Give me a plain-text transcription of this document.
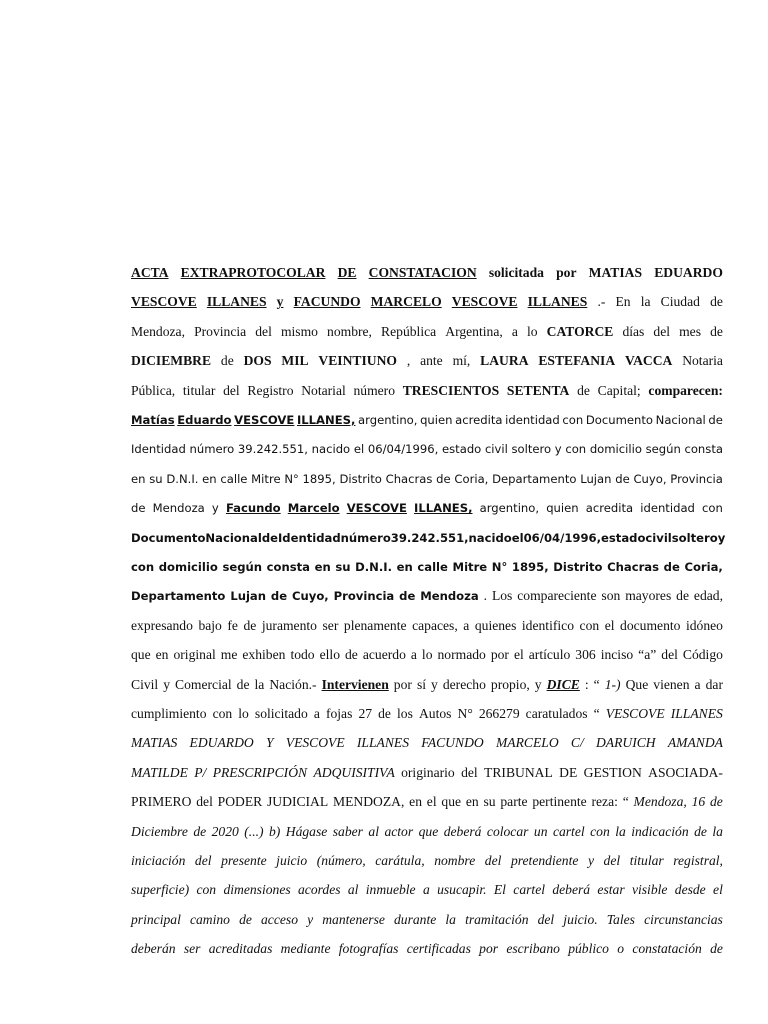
ACTA EXTRAPROTOCOLAR DE CONSTATACION solicitada por MATIAS EDUARDO
VESCOVE ILLANES y FACUNDO MARCELO VESCOVE ILLANES .- En la Ciudad de
Mendoza, Provincia del mismo nombre, República Argentina, a lo CATORCE días del mes de
DICIEMBRE de DOS MIL VEINTIUNO , ante mí, LAURA ESTEFANIA VACCA Notaria
Pública, titular del Registro Notarial número TRESCIENTOS SETENTA de Capital; comparecen:
Matías Eduardo VESCOVE ILLANES, argentino, quien acredita identidad con Documento Nacional de
Identidad número 39.242.551, nacido el 06/04/1996, estado civil soltero y con domicilio según consta
en su D.N.I. en calle Mitre N° 1895, Distrito Chacras de Coria, Departamento Lujan de Cuyo, Provincia
de Mendoza y Facundo Marcelo VESCOVE ILLANES, argentino, quien acredita identidad con
Documento Nacional de Identidad número 39.242.551, nacido el 06/04/1996, estado civil soltero y
con domicilio según consta en su D.N.I. en calle Mitre N° 1895, Distrito Chacras de Coria,
Departamento Lujan de Cuyo, Provincia de Mendoza . Los compareciente son mayores de edad,
expresando bajo fe de juramento ser plenamente capaces, a quienes identifico con el documento idóneo
que en original me exhiben todo ello de acuerdo a lo normado por el artículo 306 inciso “a” del Código
Civil y Comercial de la Nación.- Intervienen por sí y derecho propio, y DICE : “ 1-) Que vienen a dar
cumplimiento con lo solicitado a fojas 27 de los Autos N° 266279 caratulados “ VESCOVE ILLANES
MATIAS EDUARDO Y VESCOVE ILLANES FACUNDO MARCELO C/ DARUICH AMANDA
MATILDE P/ PRESCRIPCIÓN ADQUISITIVA originario del TRIBUNAL DE GESTION ASOCIADA-
PRIMERO del PODER JUDICIAL MENDOZA, en el que en su parte pertinente reza: “ Mendoza, 16 de
Diciembre de 2020 (...) b) Hágase saber al actor que deberá colocar un cartel con la indicación de la
iniciación del presente juicio (número, carátula, nombre del pretendiente y del titular registral,
superficie) con dimensiones acordes al inmueble a usucapir. El cartel deberá estar visible desde el
principal camino de acceso y mantenerse durante la tramitación del juicio. Tales circunstancias
deberán ser acreditadas mediante fotografías certificadas por escribano público o constatación de
